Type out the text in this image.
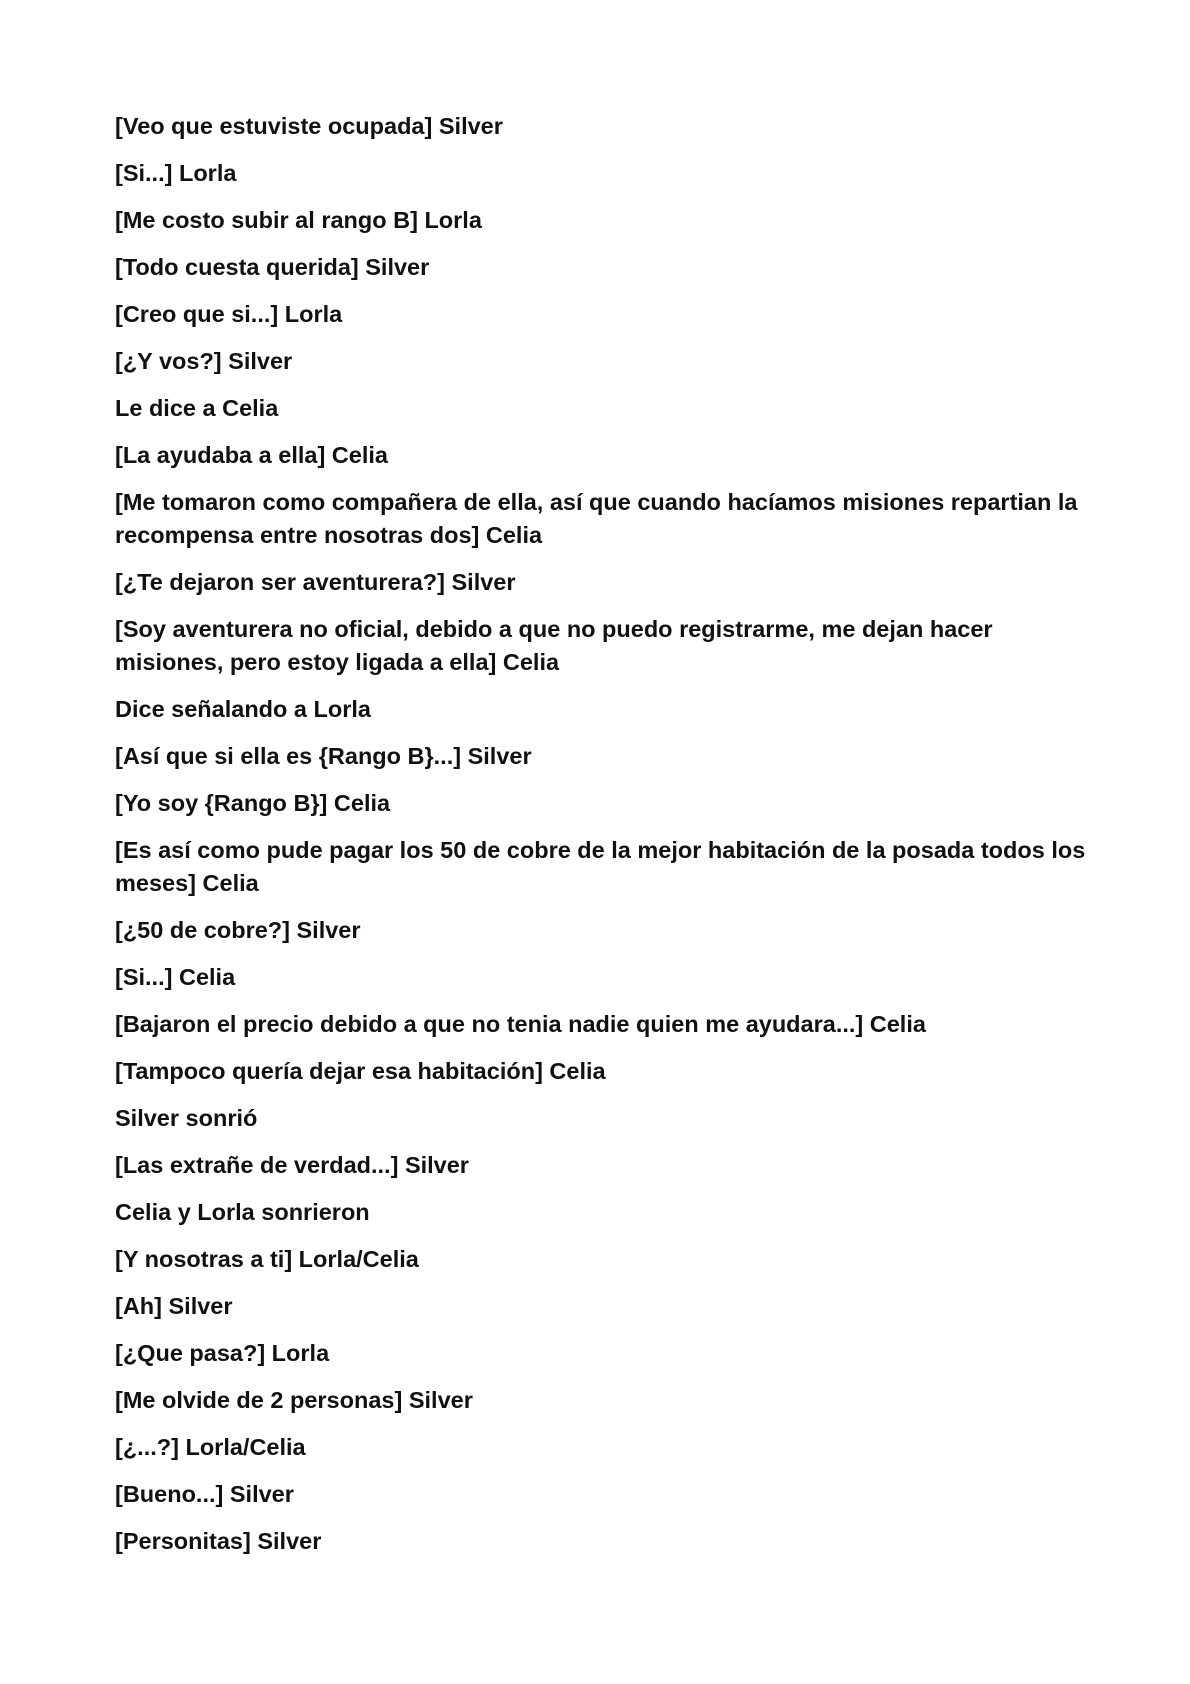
[Veo que estuviste ocupada] Silver

[Si...] Lorla

[Me costo subir al rango B] Lorla

[Todo cuesta querida] Silver

[Creo que si...] Lorla

[¿Y vos?] Silver

Le dice a Celia

[La ayudaba a ella] Celia

[Me tomaron como compañera de ella, así que cuando hacíamos misiones repartian la recompensa entre nosotras dos] Celia

[¿Te dejaron ser aventurera?] Silver

[Soy aventurera no oficial, debido a que no puedo registrarme, me dejan hacer misiones, pero estoy ligada a ella] Celia

Dice señalando a Lorla

[Así que si ella es {Rango B}...] Silver

[Yo soy {Rango B}] Celia

[Es así como pude pagar los 50 de cobre de la mejor habitación de la posada todos los meses] Celia

[¿50 de cobre?] Silver

[Si...] Celia

[Bajaron el precio debido a que no tenia nadie quien me ayudara...] Celia

[Tampoco quería dejar esa habitación] Celia

Silver sonrió

[Las extrañe de verdad...] Silver

Celia y Lorla sonrieron

[Y nosotras a ti] Lorla/Celia

[Ah] Silver

[¿Que pasa?] Lorla

[Me olvide de 2 personas] Silver

[¿...?] Lorla/Celia

[Bueno...] Silver

[Personitas] Silver
